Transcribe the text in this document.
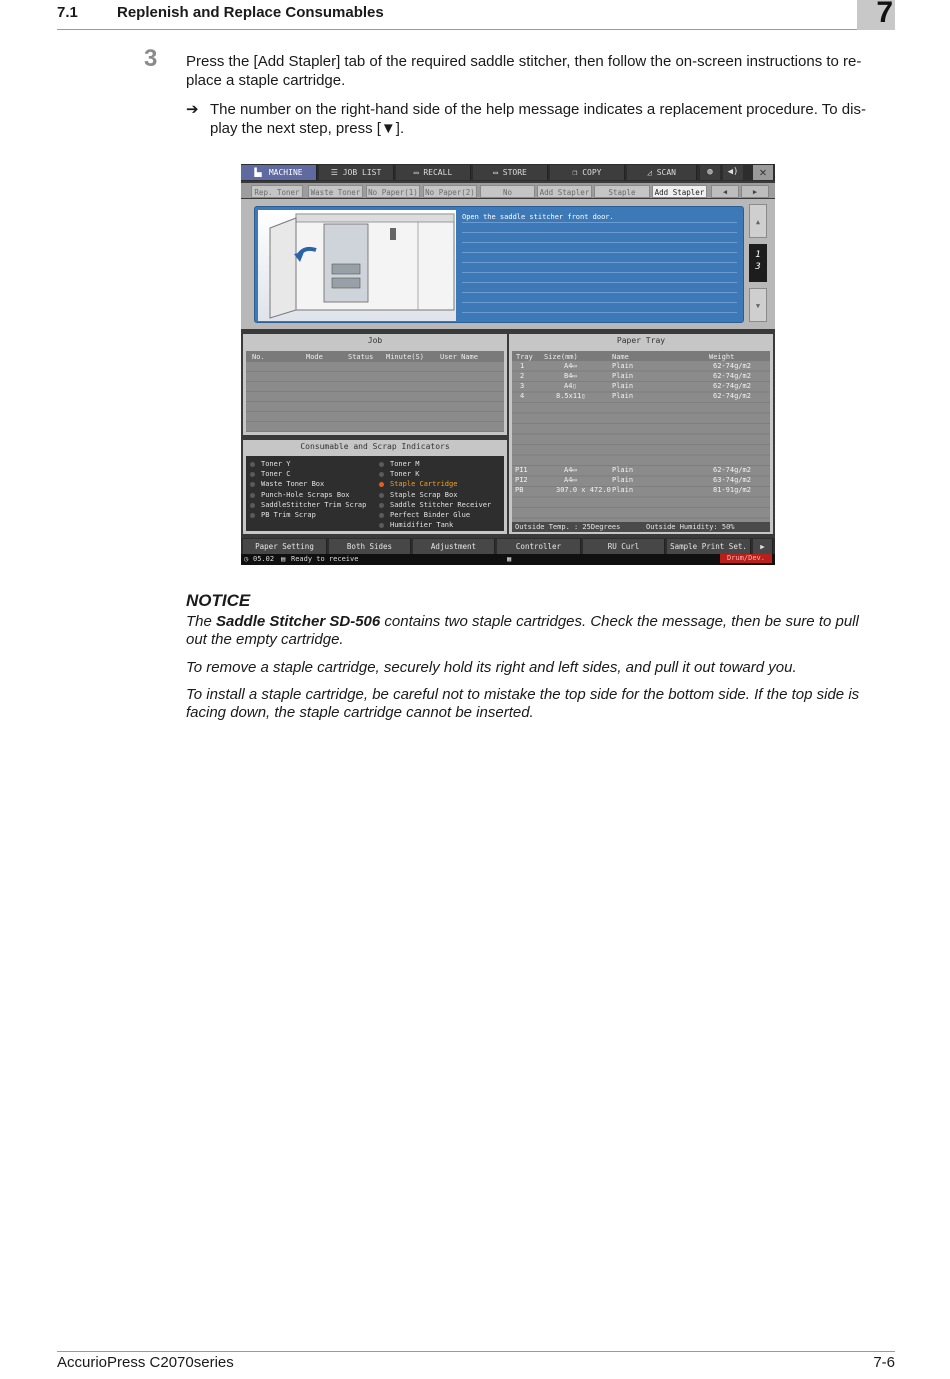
7.1	Replenish and Replace Consumables	7
3 Press the [Add Stapler] tab of the required saddle stitcher, then follow the on-screen instructions to re-
place a staple cartridge.
➔ The number on the right-hand side of the help message indicates a replacement procedure. To dis-
play the next step, press [▼].
▙▖ MACHINE	☰ JOB LIST	▭ RECALL	▭ STORE	❐ COPY	◿ SCAN	◍	◀)	✕
Rep. Toner	Waste Toner	No Paper(1) No Paper(2)	No	Add Stapler	Staple	Add Stapler	◀	▶
Open the saddle stitcher front door.
▲
1
3
▼
Job
No.	Mode	Status Minute(S) User Name
Consumable and Scrap Indicators
Toner Y
Toner C
Waste Toner Box
Punch-Hole Scraps Box
SaddleStitcher Trim Scrap
PB Trim Scrap
Toner M
Toner K
Staple Cartridge
Staple Scrap Box
Saddle Stitcher Receiver
Perfect Binder Glue
Humidifier Tank
Paper Tray
Tray Size(mm)	Name	Weight
1	A4▭	Plain	62-74g/m2
2	B4▭	Plain	62-74g/m2
3	A4▯	Plain	62-74g/m2
4	8.5x11▯	Plain	62-74g/m2
PI1	A4▭	Plain	62-74g/m2
PI2	A4▭	Plain	63-74g/m2
PB	307.0 x 472.0 Plain	81-91g/m2
Outside Temp. : 25Degrees	Outside Humidity: 50%
Paper Setting	Both Sides	Adjustment	Controller	RU Curl	Sample Print Set.	▶
◷ 05.02 ▤ Ready to receive	▦	Drum/Dev.
NOTICE
The Saddle Stitcher SD-506 contains two staple cartridges. Check the message, then be sure to pull
out the empty cartridge.
To remove a staple cartridge, securely hold its right and left sides, and pull it out toward you.
To install a staple cartridge, be careful not to mistake the top side for the bottom side. If the top side is
facing down, the staple cartridge cannot be inserted.
AccurioPress C2070series	7-6
